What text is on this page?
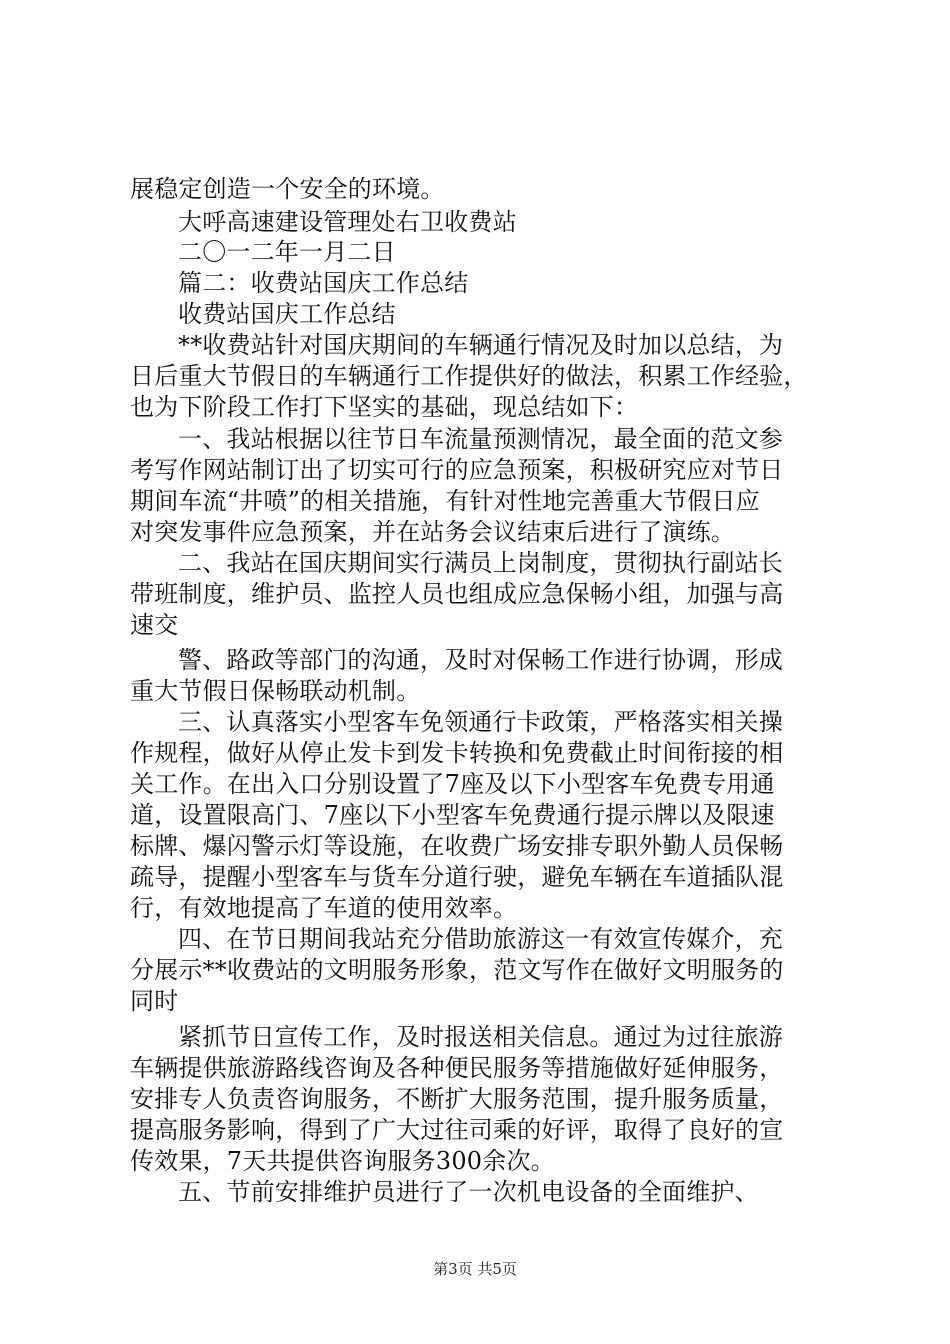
展稳定创造一个安全的环境。
大呼高速建设管理处右卫收费站
二〇一二年一月二日
篇二：收费站国庆工作总结
收费站国庆工作总结
**收费站针对国庆期间的车辆通行情况及时加以总结，为
日后重大节假日的车辆通行工作提供好的做法，积累工作经验，
也为下阶段工作打下坚实的基础，现总结如下：
一、我站根据以往节日车流量预测情况，最全面的范文参
考写作网站制订出了切实可行的应急预案，积极研究应对节日
期间车流“井喷”的相关措施，有针对性地完善重大节假日应
对突发事件应急预案，并在站务会议结束后进行了演练。
二、我站在国庆期间实行满员上岗制度，贯彻执行副站长
带班制度，维护员、监控人员也组成应急保畅小组，加强与高
速交
警、路政等部门的沟通，及时对保畅工作进行协调，形成
重大节假日保畅联动机制。
三、认真落实小型客车免领通行卡政策，严格落实相关操
作规程，做好从停止发卡到发卡转换和免费截止时间衔接的相
关工作。在出入口分别设置了7座及以下小型客车免费专用通
道，设置限高门、7座以下小型客车免费通行提示牌以及限速
标牌、爆闪警示灯等设施，在收费广场安排专职外勤人员保畅
疏导，提醒小型客车与货车分道行驶，避免车辆在车道插队混
行，有效地提高了车道的使用效率。
四、在节日期间我站充分借助旅游这一有效宣传媒介，充
分展示**收费站的文明服务形象，范文写作在做好文明服务的
同时
紧抓节日宣传工作，及时报送相关信息。通过为过往旅游
车辆提供旅游路线咨询及各种便民服务等措施做好延伸服务，
安排专人负责咨询服务，不断扩大服务范围，提升服务质量，
提高服务影响，得到了广大过往司乘的好评，取得了良好的宣
传效果，7天共提供咨询服务300余次。
五、节前安排维护员进行了一次机电设备的全面维护、
第3页 共5页
